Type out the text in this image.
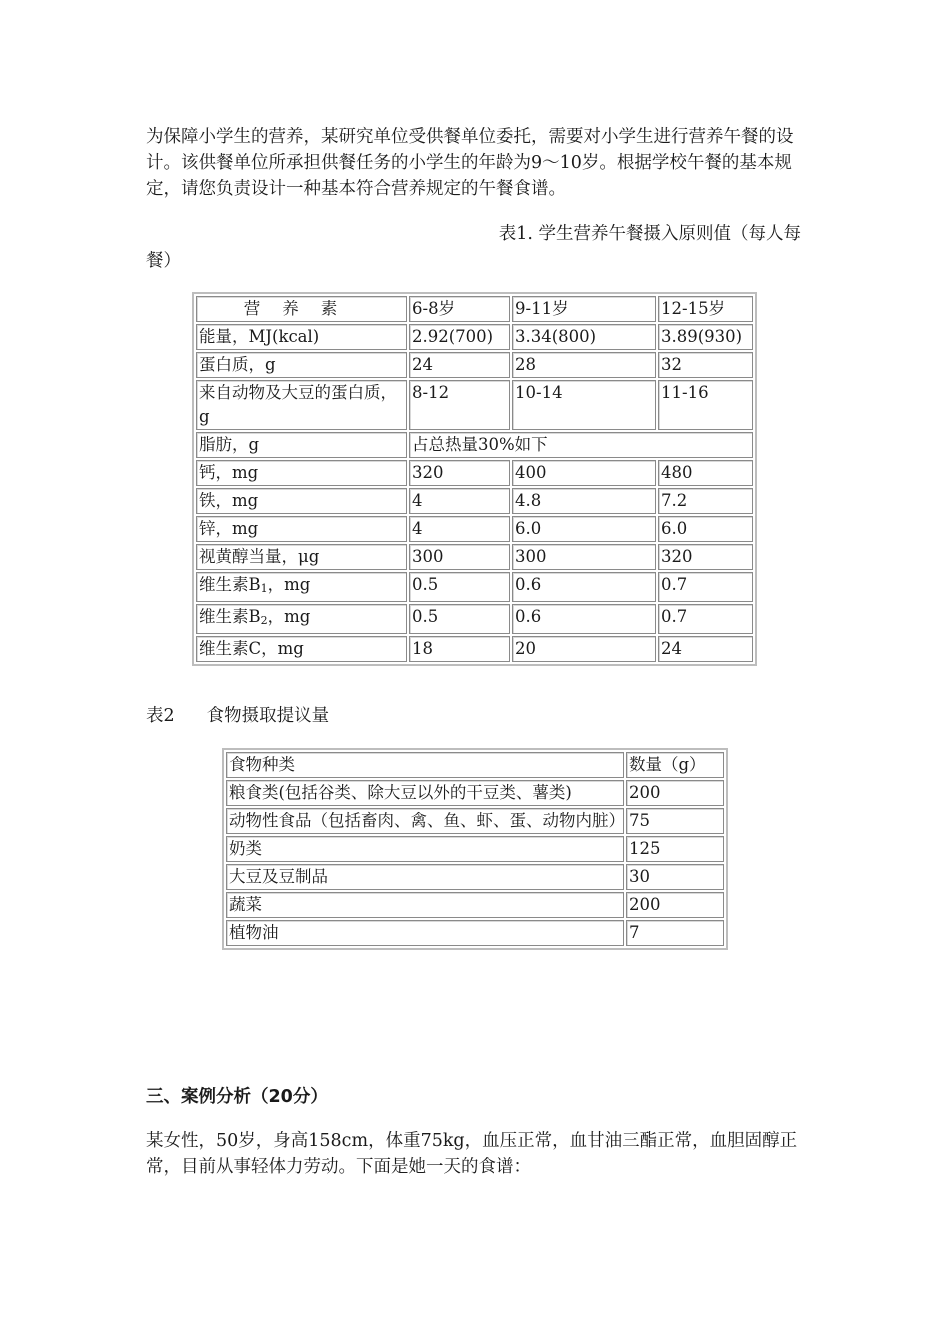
为保障小学生的营养，某研究单位受供餐单位委托，需要对小学生进行营养午餐的设计。该供餐单位所承担供餐任务的小学生的年龄为9～10岁。根据学校午餐的基本规定，请您负责设计一种基本符合营养规定的午餐食谱。

表1. 学生营养午餐摄入原则值（每人每
餐）
营养素	6-8岁	9-11岁	12-15岁
能量，MJ(kcal)	2.92(700)	3.34(800)	3.89(930)
蛋白质，g	24	28	32
来自动物及大豆的蛋白质，g	8-12	10-14	11-16
脂肪，g	占总热量30%如下		
钙，mg	320	400	480
铁，mg	4	4.8	7.2
锌，mg	4	6.0	6.0
视黄醇当量，μg	300	300	320
维生素$B_1$，mg	0.5	0.6	0.7
维生素$B_2$，mg	0.5	0.6	0.7
维生素C，mg	18	20	24
表2 食物摄取提议量
食物种类	数量（g）
粮食类(包括谷类、除大豆以外的干豆类、薯类)	200
动物性食品（包括畜肉、禽、鱼、虾、蛋、动物内脏）	75
奶类	125
大豆及豆制品	30
蔬菜	200
植物油	7
三、案例分析（20分）

某女性，50岁，身高158cm，体重75kg，血压正常，血甘油三酯正常，血胆固醇正常，目前从事轻体力劳动。下面是她一天的食谱：
